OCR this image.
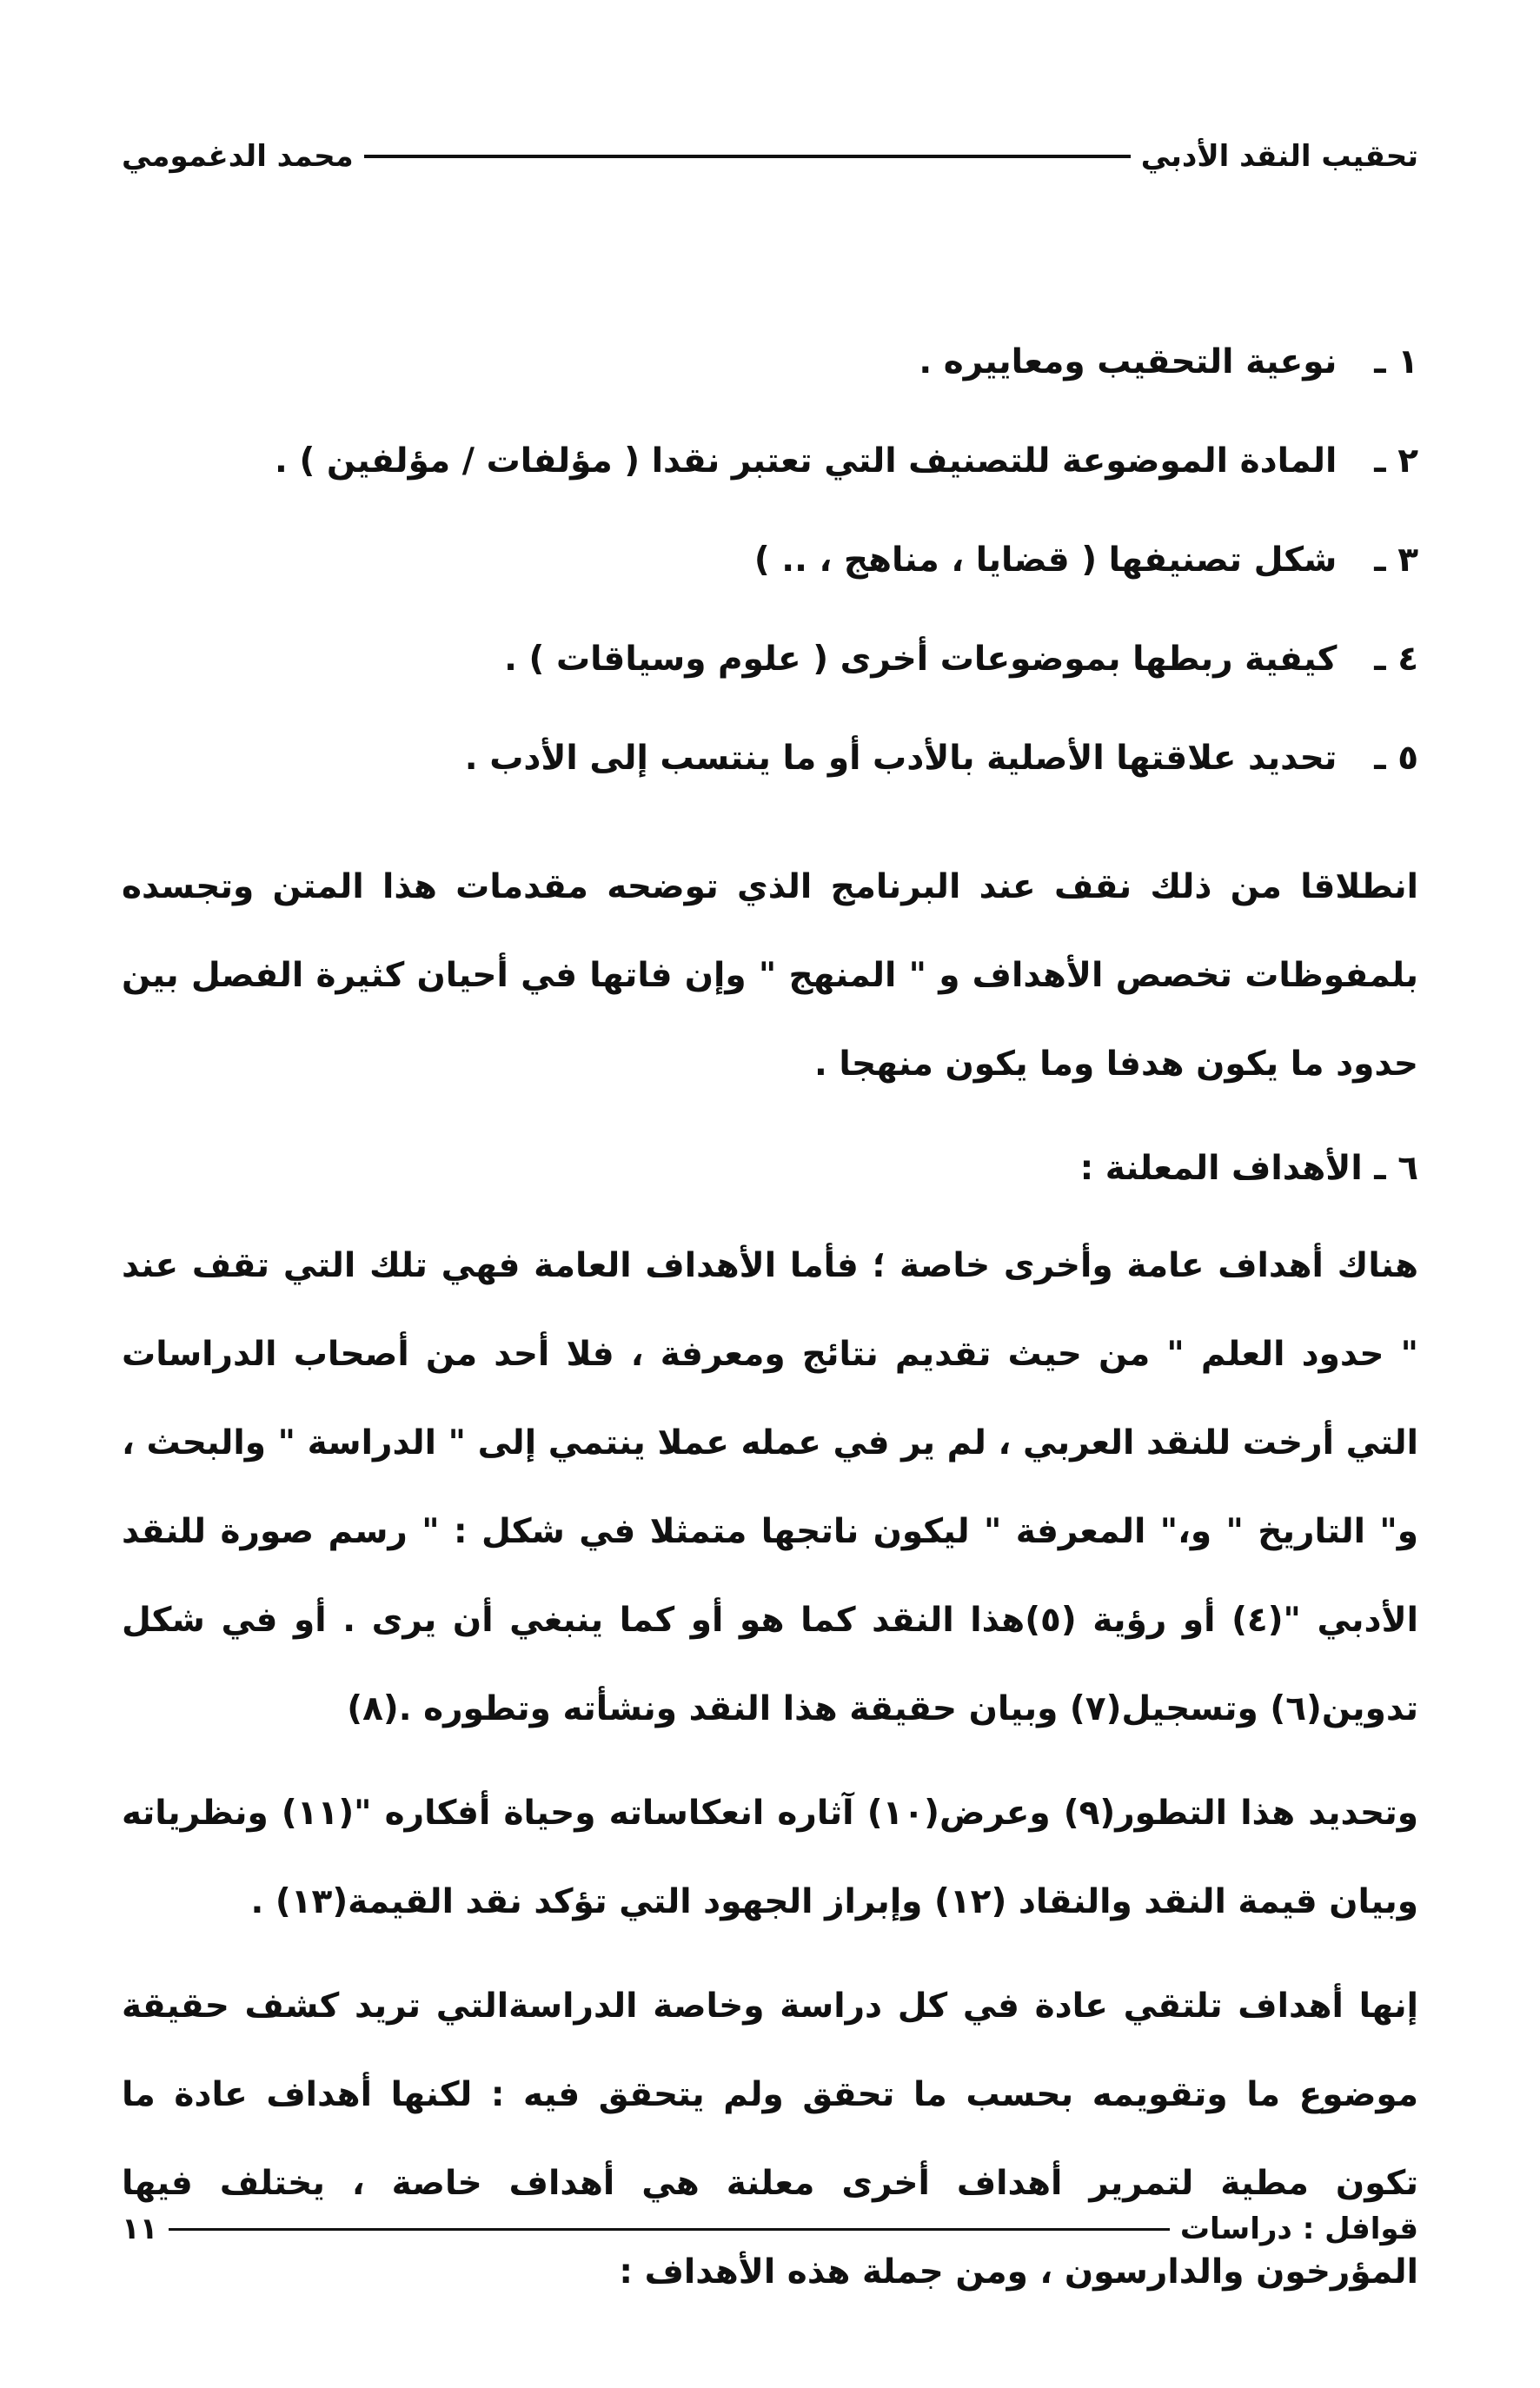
تحقيب النقد الأدبي
محمد الدغمومي
١ ـ نوعية التحقيب ومعاييره .
٢ ـ المادة الموضوعة للتصنيف التي تعتبر نقدا ( مؤلفات / مؤلفين ) .
٣ ـ شكل تصنيفها ( قضايا ، مناهج ، .. )
٤ ـ كيفية ربطها بموضوعات أخرى ( علوم وسياقات ) .
٥ ـ تحديد علاقتها الأصلية بالأدب أو ما ينتسب إلى الأدب .

انطلاقا من ذلك نقف عند البرنامج الذي توضحه مقدمات هذا المتن وتجسده بلمفوظات تخصص الأهداف و " المنهج " وإن فاتها في أحيان كثيرة الفصل بين حدود ما يكون هدفا وما يكون منهجا .

٦ ـ الأهداف المعلنة :

هناك أهداف عامة وأخرى خاصة ؛ فأما الأهداف العامة فهي تلك التي تقف عند " حدود العلم " من حيث تقديم نتائج ومعرفة ، فلا أحد من أصحاب الدراسات التي أرخت للنقد العربي ، لم ير في عمله عملا ينتمي إلى " الدراسة " والبحث ، و" التاريخ " و،" المعرفة " ليكون ناتجها متمثلا في شكل : " رسم صورة للنقد الأدبي "(٤) أو رؤية (٥)هذا النقد كما هو أو كما ينبغي أن يرى . أو في شكل تدوين(٦) وتسجيل(٧) وبيان حقيقة هذا النقد ونشأته وتطوره .(٨)

وتحديد هذا التطور(٩) وعرض(١٠) آثاره انعكاساته وحياة أفكاره "(١١) ونظرياته وبيان قيمة النقد والنقاد (١٢) وإبراز الجهود التي تؤكد نقد القيمة(١٣) .

إنها أهداف تلتقي عادة في كل دراسة وخاصة الدراسةالتي تريد كشف حقيقة موضوع ما وتقويمه بحسب ما تحقق ولم يتحقق فيه : لكنها أهداف عادة ما تكون مطية لتمرير أهداف أخرى معلنة هي أهداف خاصة ، يختلف فيها المؤرخون والدارسون ، ومن جملة هذه الأهداف :

قوافل : دراسات
١١
